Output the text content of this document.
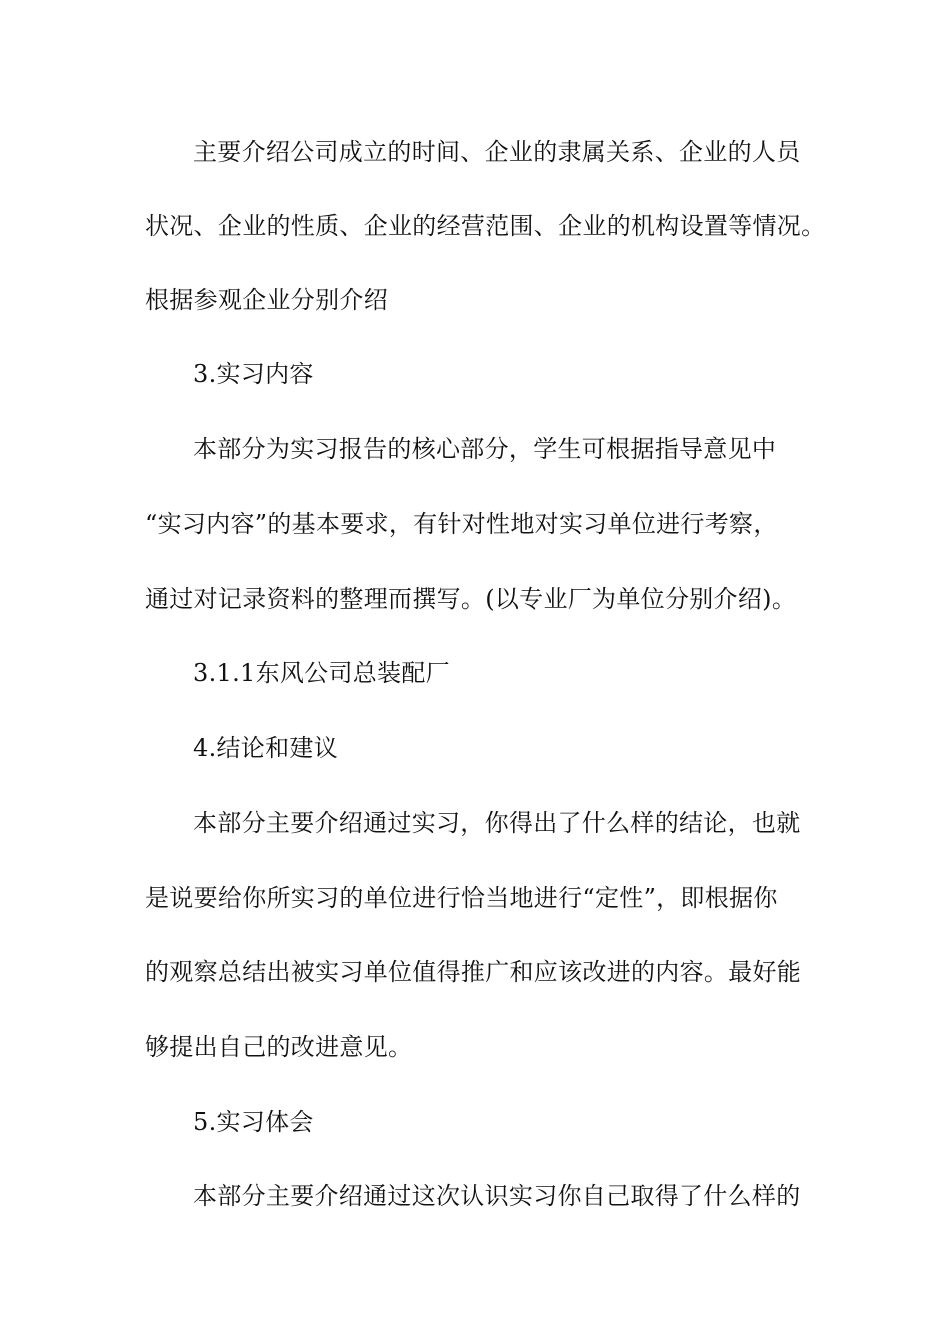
主要介绍公司成立的时间、企业的隶属关系、企业的人员
状况、企业的性质、企业的经营范围、企业的机构设置等情况。
根据参观企业分别介绍
3.实习内容
本部分为实习报告的核心部分，学生可根据指导意见中
“实习内容”的基本要求，有针对性地对实习单位进行考察，
通过对记录资料的整理而撰写。(以专业厂为单位分别介绍)。
3.1.1东风公司总装配厂
4.结论和建议
本部分主要介绍通过实习，你得出了什么样的结论，也就
是说要给你所实习的单位进行恰当地进行“定性”，即根据你
的观察总结出被实习单位值得推广和应该改进的内容。最好能
够提出自己的改进意见。
5.实习体会
本部分主要介绍通过这次认识实习你自己取得了什么样的
